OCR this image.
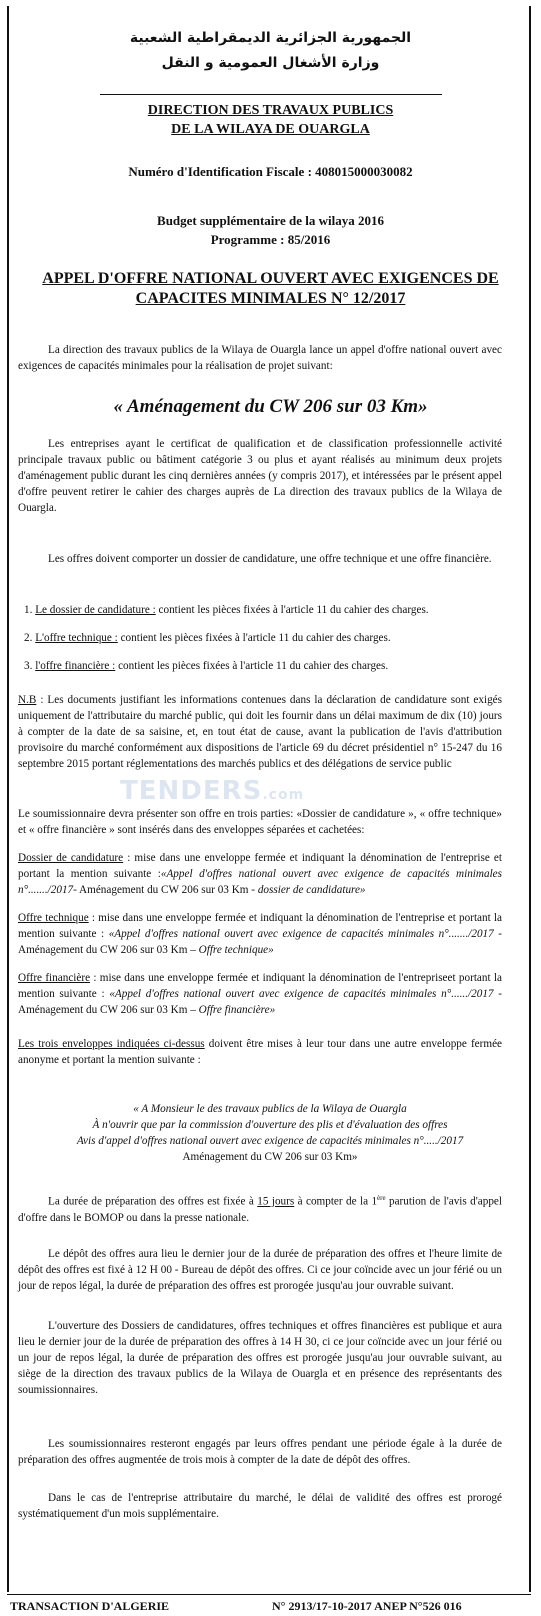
الجمهورية الجزائرية الديمقراطية الشعبية
وزارة الأشغال العمومية و النقل
DIRECTION DES TRAVAUX PUBLICS
DE LA WILAYA DE OUARGLA
Numéro d'Identification Fiscale : 408015000030082
Budget supplémentaire de la wilaya 2016
Programme : 85/2016
APPEL D'OFFRE NATIONAL OUVERT AVEC EXIGENCES DE
CAPACITES MINIMALES N° 12/2017
La direction des travaux publics de la Wilaya de Ouargla lance un appel d'offre national ouvert avec exigences de capacités minimales pour la réalisation de projet suivant:
« Aménagement du CW 206 sur 03 Km»
Les entreprises ayant le certificat de qualification et de classification professionnelle activité principale travaux public ou bâtiment catégorie 3 ou plus et ayant réalisés au minimum deux projets d'aménagement public durant les cinq dernières années (y compris 2017), et intéressées par le présent appel d'offre peuvent retirer le cahier des charges auprès de La direction des travaux publics de la Wilaya de Ouargla.
Les offres doivent comporter un dossier de candidature, une offre technique et une offre financière.
1. Le dossier de candidature : contient les pièces fixées à l'article 11 du cahier des charges.
2. L'offre technique : contient les pièces fixées à l'article 11 du cahier des charges.
3. l'offre financière : contient les pièces fixées à l'article 11 du cahier des charges.
N.B : Les documents justifiant les informations contenues dans la déclaration de candidature sont exigés uniquement de l'attributaire du marché public, qui doit les fournir dans un délai maximum de dix (10) jours à compter de la date de sa saisine, et, en tout état de cause, avant la publication de l'avis d'attribution provisoire du marché conformément aux dispositions de l'article 69 du décret présidentiel n° 15-247 du 16 septembre 2015 portant réglementations des marchés publics et des délégations de service public
TENDERS.com
Le soumissionnaire devra présenter son offre en trois parties: «Dossier de candidature », « offre technique» et « offre financière » sont insérés dans des enveloppes séparées et cachetées:
Dossier de candidature : mise dans une enveloppe fermée et indiquant la dénomination de l'entreprise et portant la mention suivante :«Appel d'offres national ouvert avec exigence de capacités minimales n°......./2017- Aménagement du CW 206 sur 03 Km - dossier de candidature»
Offre technique : mise dans une enveloppe fermée et indiquant la dénomination de l'entreprise et portant la mention suivante : «Appel d'offres national ouvert avec exigence de capacités minimales n°......./2017 - Aménagement du CW 206 sur 03 Km – Offre technique»
Offre financière : mise dans une enveloppe fermée et indiquant la dénomination de l'entrepriseet portant la mention suivante : «Appel d'offres national ouvert avec exigence de capacités minimales n°....../2017 - Aménagement du CW 206 sur 03 Km – Offre financière»
Les trois enveloppes indiquées ci-dessus doivent être mises à leur tour dans une autre enveloppe fermée anonyme et portant la mention suivante :
« A Monsieur le des travaux publics de la Wilaya de Ouargla
À n'ouvrir que par la commission d'ouverture des plis et d'évaluation des offres
Avis d'appel d'offres national ouvert avec exigence de capacités minimales n°...../2017
Aménagement du CW 206 sur 03 Km»
La durée de préparation des offres est fixée à 15 jours à compter de la 1ère parution de l'avis d'appel d'offre dans le BOMOP ou dans la presse nationale.
Le dépôt des offres aura lieu le dernier jour de la durée de préparation des offres et l'heure limite de dépôt des offres est fixé à 12 H 00 - Bureau de dépôt des offres. Ci ce jour coïncide avec un jour férié ou un jour de repos légal, la durée de préparation des offres est prorogée jusqu'au jour ouvrable suivant.
L'ouverture des Dossiers de candidatures, offres techniques et offres financières est publique et aura lieu le dernier jour de la durée de préparation des offres à 14 H 30, ci ce jour coïncide avec un jour férié ou un jour de repos légal, la durée de préparation des offres est prorogée jusqu'au jour ouvrable suivant, au siège de la direction des travaux publics de la Wilaya de Ouargla et en présence des représentants des soumissionnaires.
Les soumissionnaires resteront engagés par leurs offres pendant une période égale à la durée de préparation des offres augmentée de trois mois à compter de la date de dépôt des offres.
Dans le cas de l'entreprise attributaire du marché, le délai de validité des offres est prorogé systématiquement d'un mois supplémentaire.
TRANSACTION D'ALGERIE	N° 2913/17-10-2017 ANEP N°526 016
